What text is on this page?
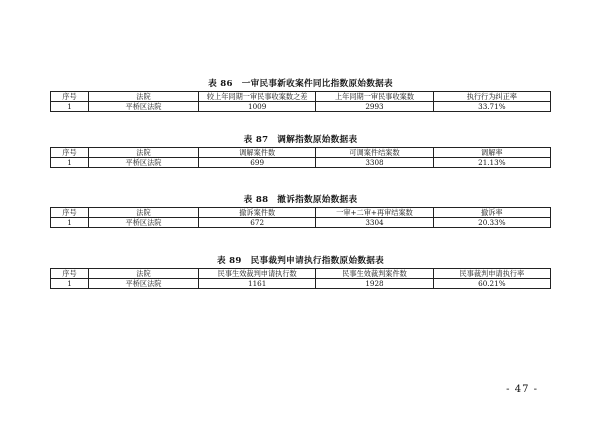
表 86　一审民事新收案件同比指数原始数据表
序号	法院	较上年同期一审民事收案数之差	上年同期一审民事收案数	执行行为纠正率
1	平桥区法院	1009	2993	33.71%
表 87　调解指数原始数据表
序号	法院	调解案件数	可调案件结案数	调解率
1	平桥区法院	699	3308	21.13%
表 88　撤诉指数原始数据表
序号	法院	撤诉案件数	一审+二审+再审结案数	撤诉率
1	平桥区法院	672	3304	20.33%
表 89　民事裁判申请执行指数原始数据表
序号	法院	民事生效裁判申请执行数	民事生效裁判案件数	民事裁判申请执行率
1	平桥区法院	1161	1928	60.21%
- 47 -
